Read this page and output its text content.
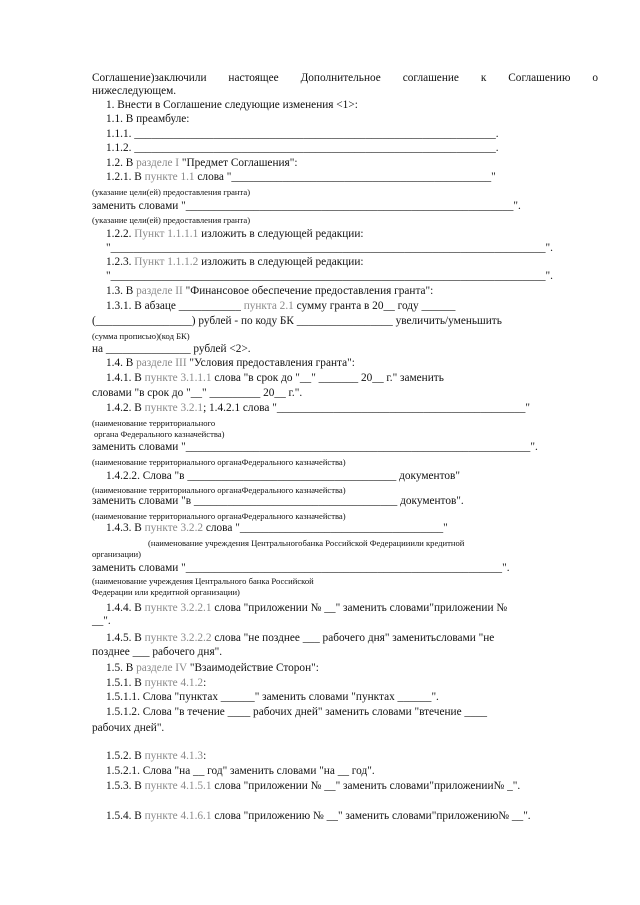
Соглашение)заключили настоящее Дополнительное соглашение к Соглашению о
нижеследующем.
1. Внести в Соглашение следующие изменения <1>:
1.1. В преамбуле:
1.1.1. ________________________________________________________________.
1.1.2. ________________________________________________________________.
1.2. В разделе I "Предмет Соглашения":
1.2.1. В пункте 1.1 слова "______________________________________________"
(указание цели(ей) предоставления гранта)
заменить словами "__________________________________________________________".
(указание цели(ей) предоставления гранта)
1.2.2. Пункт 1.1.1.1 изложить в следующей редакции:
"_____________________________________________________________________________".
1.2.3. Пункт 1.1.1.2 изложить в следующей редакции:
"_____________________________________________________________________________".
1.3. В разделе II "Финансовое обеспечение предоставления гранта":
1.3.1. В абзаце ___________ пункта 2.1 сумму гранта в 20__ году ______
(_________________) рублей - по коду БК _________________ увеличить/уменьшить
(сумма прописью)(код БК)
на _______________ рублей <2>.
1.4. В разделе III "Условия предоставления гранта":
1.4.1. В пункте 3.1.1.1 слова "в срок до "__" _______ 20__ г." заменить
словами "в срок до "__" _________ 20__ г.".
1.4.2. В пункте 3.2.1; 1.4.2.1 слова "____________________________________________"
(наименование территориального
органа Федерального казначейства)
заменить словами "_____________________________________________________________".
(наименование территориального органаФедерального казначейства)
1.4.2.2. Слова "в _____________________________________ документов"
(наименование территориального органаФедерального казначейства)
заменить словами "в ____________________________________ документов".
(наименование территориального органаФедерального казначейства)
1.4.3. В пункте 3.2.2 слова "____________________________________"
(наименование учреждения Центральногобанка Российской Федерацииили кредитной
организации)
заменить словами "________________________________________________________".
(наименование учреждения Центрального банка Российской
Федерации или кредитной организации)
1.4.4. В пункте 3.2.2.1 слова "приложении № __" заменить словами"приложении №
__".
1.4.5. В пункте 3.2.2.2 слова "не позднее ___ рабочего дня" заменитьсловами "не
позднее ___ рабочего дня".
1.5. В разделе IV "Взаимодействие Сторон":
1.5.1. В пункте 4.1.2:
1.5.1.1. Слова "пунктах ______" заменить словами "пунктах ______".
1.5.1.2. Слова "в течение ____ рабочих дней" заменить словами "втечение ____
рабочих дней".
1.5.2. В пункте 4.1.3:
1.5.2.1. Слова "на __ год" заменить словами "на __ год".
1.5.3. В пункте 4.1.5.1 слова "приложении № __" заменить словами"приложении№ _".
1.5.4. В пункте 4.1.6.1 слова "приложению № __" заменить словами"приложению№ __".
